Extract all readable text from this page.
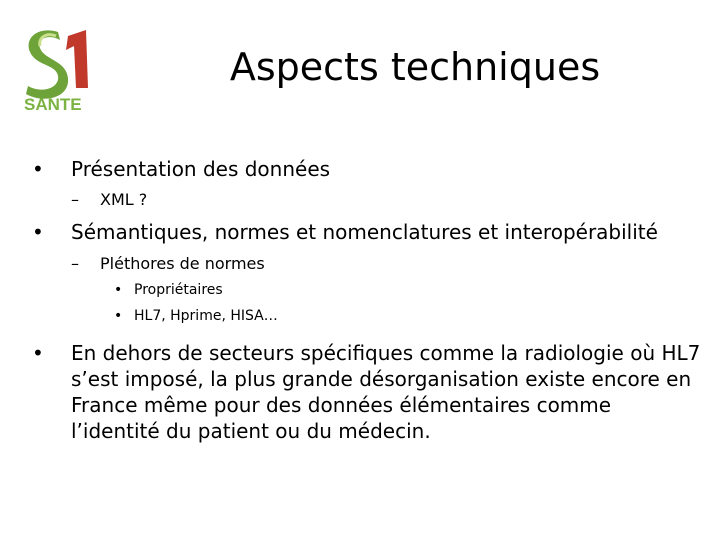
SANTE
Aspects techniques
• Présentation des données
– XML ?
• Sémantiques, normes et nomenclatures et interopérabilité
– Pléthores de normes
• Propriétaires
• HL7, Hprime, HISA…
• En dehors de secteurs spécifiques comme la radiologie où HL7
s’est imposé, la plus grande désorganisation existe encore en
France même pour des données élémentaires comme
l’identité du patient ou du médecin.
